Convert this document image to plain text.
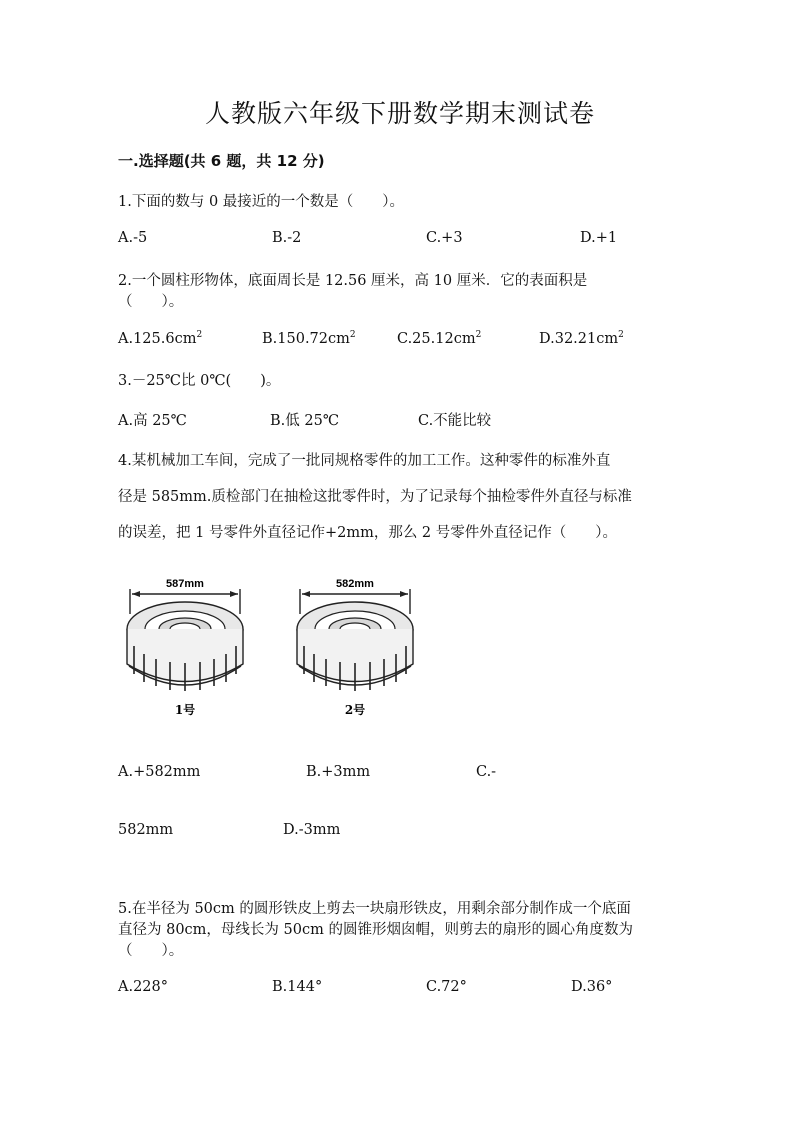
人教版六年级下册数学期末测试卷
一.选择题(共 6 题，共 12 分)
1.下面的数与 0 最接近的一个数是（　　）。
A.-5	B.-2	C.+3	D.+1
2.一个圆柱形物体，底面周长是 12.56 厘米，高 10 厘米．它的表面积是
（　　）。
$A.125.6cm^2$	$B.150.72cm^2$	$C.25.12cm^2$	$D.32.21cm^2$
3.－25℃比 0℃(　　)。
A.高 25℃	B.低 25℃	C.不能比较
4.某机械加工车间，完成了一批同规格零件的加工工作。这种零件的标准外直
径是 585mm.质检部门在抽检这批零件时，为了记录每个抽检零件外直径与标准
的误差，把 1 号零件外直径记作+2mm，那么 2 号零件外直径记作（　　）。
587mm	582mm
1号	2号
A.+582mm	B.+3mm	C.-
582mm	D.-3mm
5.在半径为 50cm 的圆形铁皮上剪去一块扇形铁皮，用剩余部分制作成一个底面
直径为 80cm，母线长为 50cm 的圆锥形烟囱帽，则剪去的扇形的圆心角度数为
（　　）。
A.228°	B.144°	C.72°	D.36°
